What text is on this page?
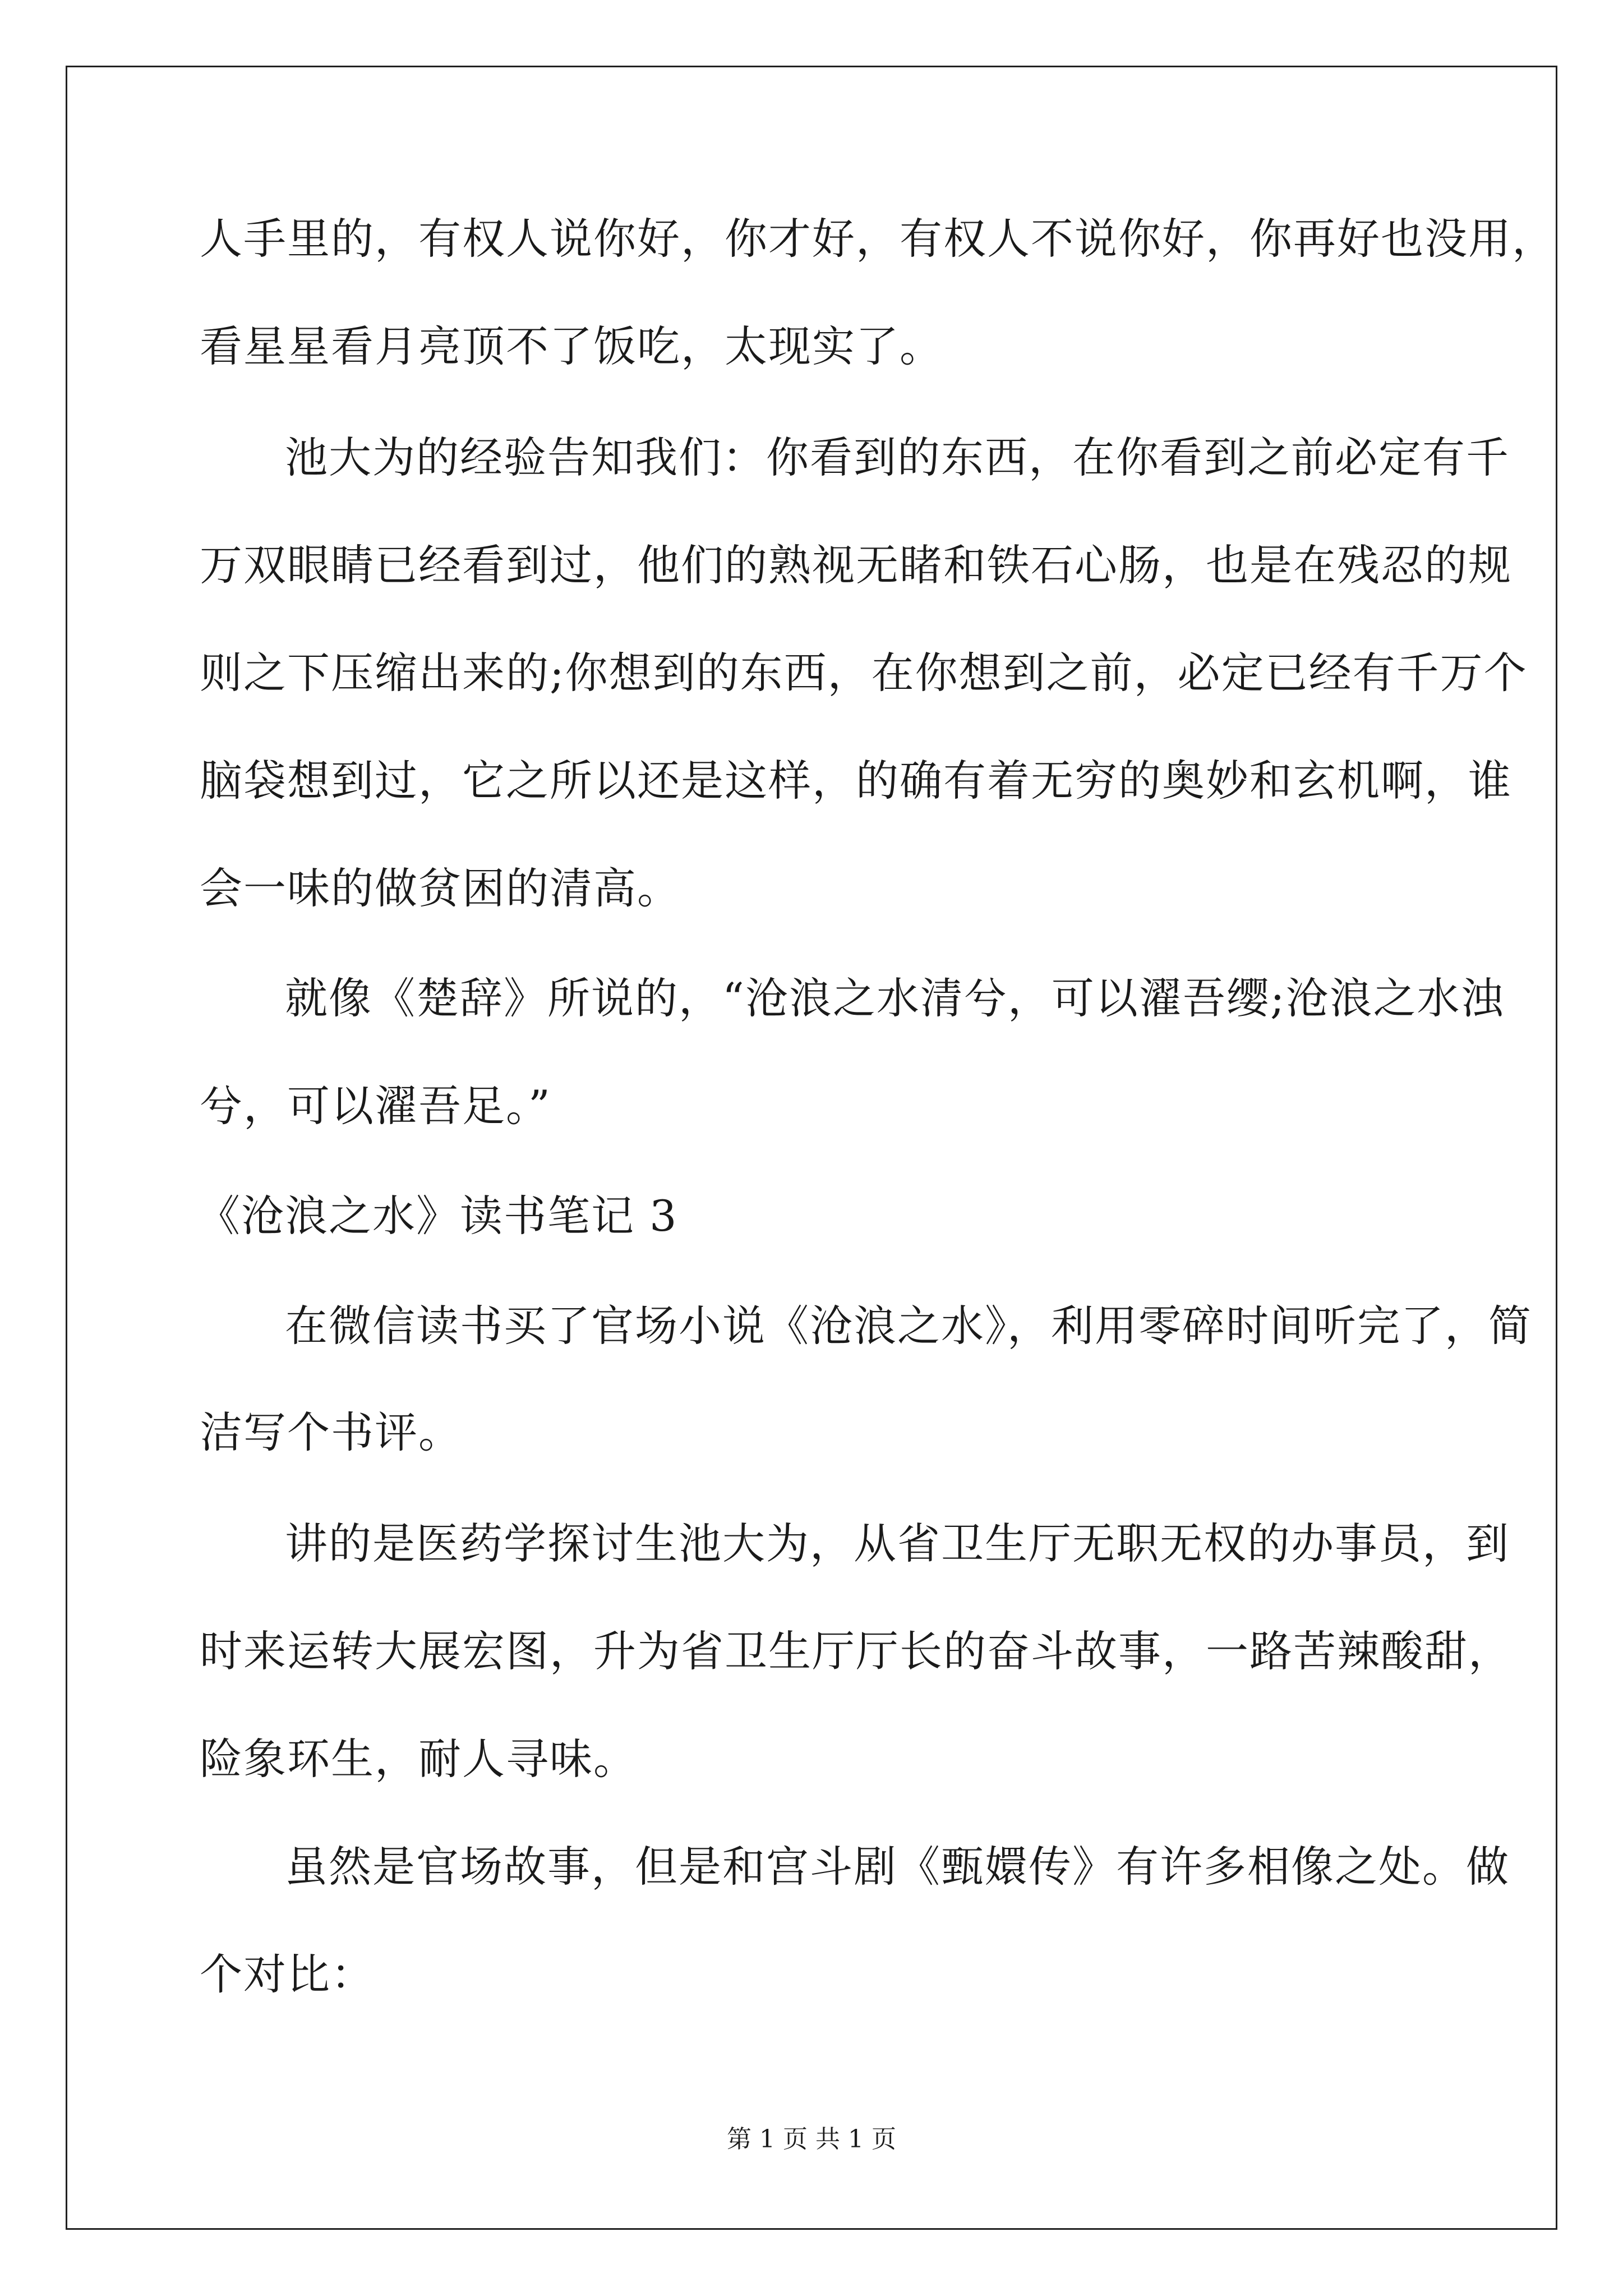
人手里的，有权人说你好，你才好，有权人不说你好，你再好也没用，
看星星看月亮顶不了饭吃，太现实了。
池大为的经验告知我们：你看到的东西，在你看到之前必定有千
万双眼睛已经看到过，他们的熟视无睹和铁石心肠，也是在残忍的规
则之下压缩出来的;你想到的东西，在你想到之前，必定已经有千万个
脑袋想到过，它之所以还是这样，的确有着无穷的奥妙和玄机啊，谁
会一味的做贫困的清高。
就像《楚辞》所说的，“沧浪之水清兮，可以濯吾缨;沧浪之水浊
兮，可以濯吾足。”
《沧浪之水》读书笔记 3
在微信读书买了官场小说《沧浪之水》，利用零碎时间听完了，简
洁写个书评。
讲的是医药学探讨生池大为，从省卫生厅无职无权的办事员，到
时来运转大展宏图，升为省卫生厅厅长的奋斗故事，一路苦辣酸甜，
险象环生，耐人寻味。
虽然是官场故事，但是和宫斗剧《甄嬛传》有许多相像之处。做
个对比：
第 1 页 共 1 页
